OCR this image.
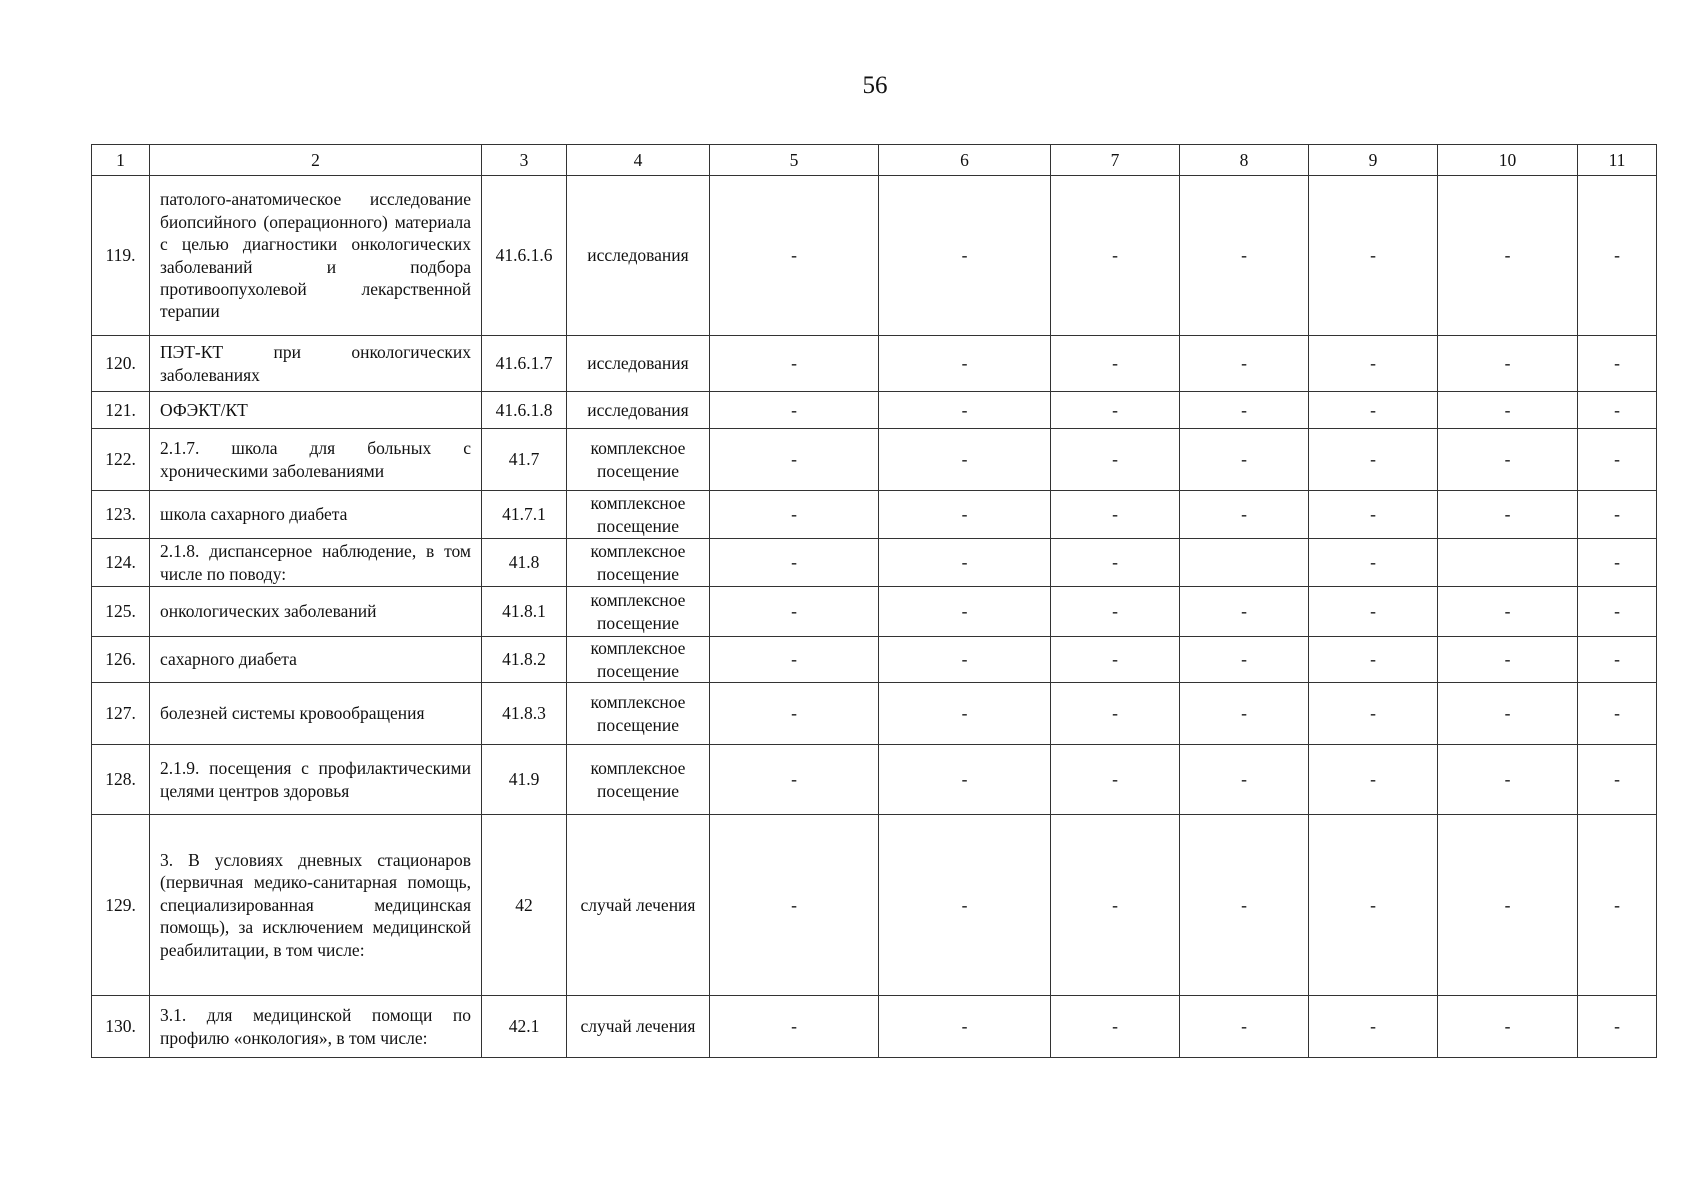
56
1	2	3	4	5	6	7	8	9	10	11
119.	патолого-анатомическое исследование биопсийного (операционного) материала с целью диагностики онкологических заболеваний и подбора противоопухолевой лекарственной терапии	41.6.1.6	исследования	-	-	-	-	-	-	-
120.	ПЭТ-КТ при онкологических заболеваниях	41.6.1.7	исследования	-	-	-	-	-	-	-
121.	ОФЭКТ/КТ	41.6.1.8	исследования	-	-	-	-	-	-	-
122.	2.1.7. школа для больных с хроническими заболеваниями	41.7	комплексное посещение	-	-	-	-	-	-	-
123.	школа сахарного диабета	41.7.1	комплексное посещение	-	-	-	-	-	-	-
124.	2.1.8. диспансерное наблюдение, в том числе по поводу:	41.8	комплексное посещение	-	-	-		-		-
125.	онкологических заболеваний	41.8.1	комплексное посещение	-	-	-	-	-	-	-
126.	сахарного диабета	41.8.2	комплексное посещение	-	-	-	-	-	-	-
127.	болезней системы кровообращения	41.8.3	комплексное посещение	-	-	-	-	-	-	-
128.	2.1.9. посещения с профилактическими целями центров здоровья	41.9	комплексное посещение	-	-	-	-	-	-	-
129.	3. В условиях дневных стационаров (первичная медико-санитарная помощь, специализированная медицинская помощь), за исключением медицинской реабилитации, в том числе:	42	случай лечения	-	-	-	-	-	-	-
130.	3.1. для медицинской помощи по профилю «онкология», в том числе:	42.1	случай лечения	-	-	-	-	-	-	-
